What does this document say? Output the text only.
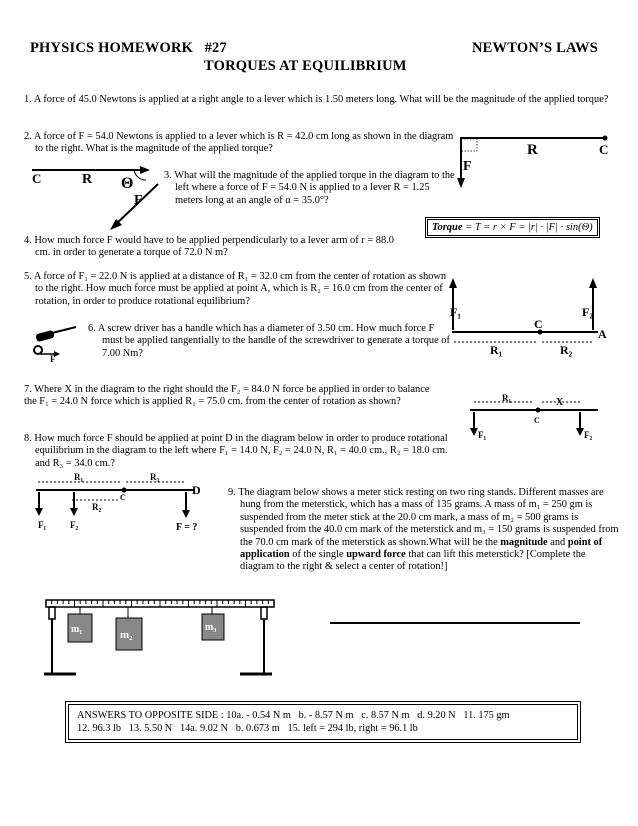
PHYSICS HOMEWORK   #27	NEWTON’S LAWS
TORQUES AT EQUILIBRIUM
1. A force of 45.0 Newtons is applied at a right angle to a lever which is 1.50 meters long. What will be the magnitude of the applied torque?
2. A force of F = 54.0 Newtons is applied to a lever which is R = 42.0 cm long as shown in the diagram to the right. What is the magnitude of the applied torque?	R	C
F
C	R Θ
F
3. What will the magnitude of the applied torque in the diagram to the left where a force of F = 54.0 N is applied to a lever R = 1.25 meters long at an angle of α = 35.0°?
Torque = Τ = r × F = |r| · |F| · sin(Θ)
4. How much force F would have to be applied perpendicularly to a lever arm of r = 88.0 cm. in order to generate a torque of 72.0 N m?
5. A force of F₁ = 22.0 N is applied at a distance of R₁ = 32.0 cm from the center of rotation as shown to the right. How much force must be applied at point A, which is R₂ = 16.0 cm from the center of rotation, in order to produce rotational equilibrium?
F₁	F₂
C
A
R₁	R₂
F
6. A screw driver has a handle which has a diameter of 3.50 cm. How much force F must be applied tangentially to the handle of the screwdriver to generate a torque of 7.00 Nm?
7. Where X in the diagram to the right should the F₂ = 84.0 N force be applied in order to balance the F₁ = 24.0 N force which is applied R₁ = 75.0 cm. from the center of rotation as shown?	R₁	X
C
F₁	F₂
8. How much force F should be applied at point D in the diagram below in order to produce rotational equilibrium in the diagram to the left where F₁ = 14.0 N, F₂ = 24.0 N, R₁ = 40.0 cm., R₂ = 18.0 cm. and R₃ = 34.0 cm.?
R₁	R₃
C
D
R₂
F₁	F₂	F = ?
9. The diagram below shows a meter stick resting on two ring stands. Different masses are hung from the meterstick, which has a mass of 135 grams. A mass of m₁ = 250 gm is suspended from the meter stick at the 20.0 cm mark, a mass of m₂ = 500 grams is suspended from the 40.0 cm mark of the meterstick and m₃ = 150 grams is suspended from the 70.0 cm mark of the meterstick as shown.What will be the magnitude and point of application of the single upward force that can lift this meterstick? [Complete the diagram to the right & select a center of rotation!]
m₁	m₂
m₃
ANSWERS TO OPPOSITE SIDE : 10a. - 0.54 N m   b. - 8.57 N m   c. 8.57 N m   d. 9.20 N   11. 175 gm
12. 96.3 lb   13. 5.50 N   14a. 9.02 N   b. 0.673 m   15. left = 294 lb, right = 96.1 lb
